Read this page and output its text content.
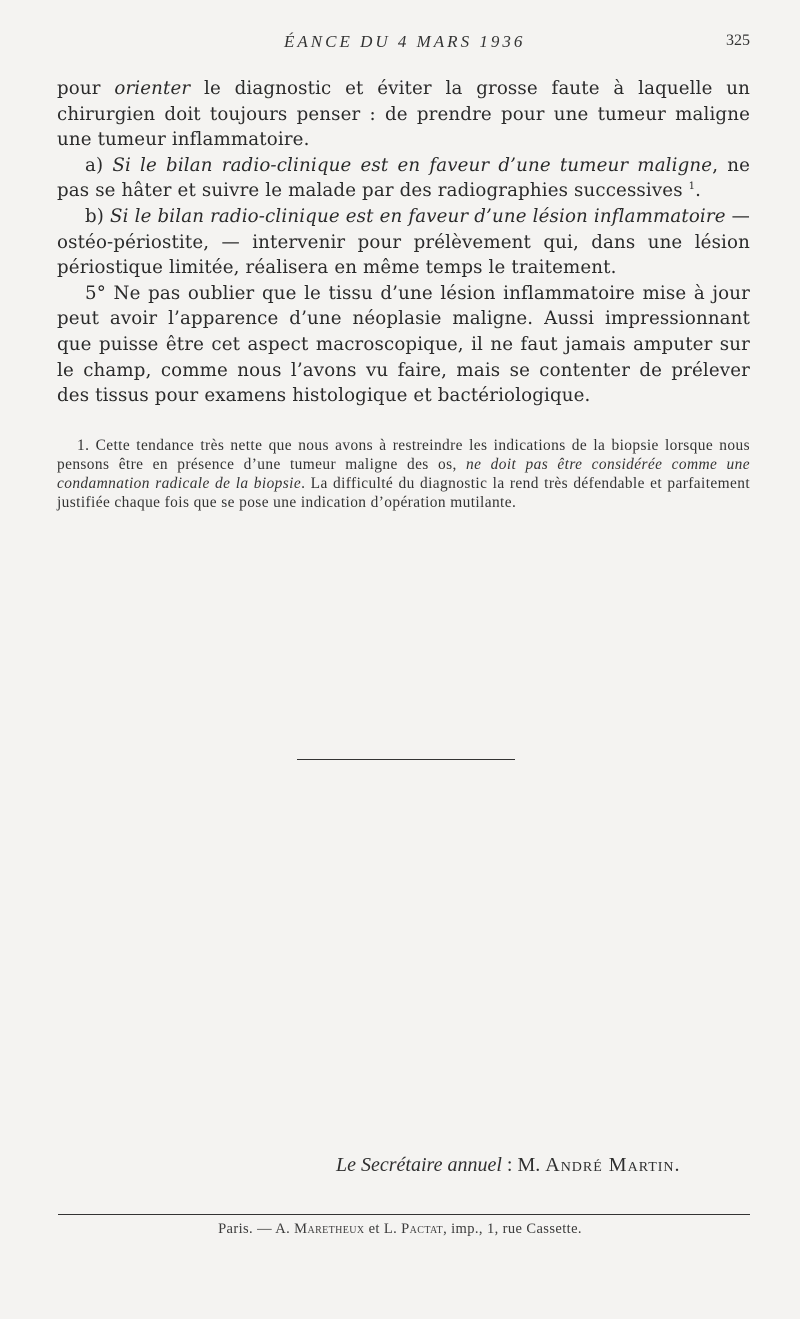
ÉANCE DU 4 MARS 1936	325

pour orienter le diagnostic et éviter la grosse faute à laquelle un chirurgien doit toujours penser : de prendre pour une tumeur maligne une tumeur inflammatoire.

a) Si le bilan radio-clinique est en faveur d’une tumeur maligne, ne pas se hâter et suivre le malade par des radiographies successives $^1$.

b) Si le bilan radio-clinique est en faveur d’une lésion inflammatoire — ostéo-périostite, — intervenir pour prélèvement qui, dans une lésion périostique limitée, réalisera en même temps le traitement.

5° Ne pas oublier que le tissu d’une lésion inflammatoire mise à jour peut avoir l’apparence d’une néoplasie maligne. Aussi impressionnant que puisse être cet aspect macroscopique, il ne faut jamais amputer sur le champ, comme nous l’avons vu faire, mais se contenter de prélever des tissus pour examens histologique et bactériologique.

1. Cette tendance très nette que nous avons à restreindre les indications de la biopsie lorsque nous pensons être en présence d’une tumeur maligne des os, ne doit pas être considérée comme une condamnation radicale de la biopsie. La difficulté du diagnostic la rend très défendable et parfaitement justifiée chaque fois que se pose une indication d’opération mutilante.

Le Secrétaire annuel : M. André Martin.
Paris. — A. Maretheux et L. Pactat, imp., 1, rue Cassette.
